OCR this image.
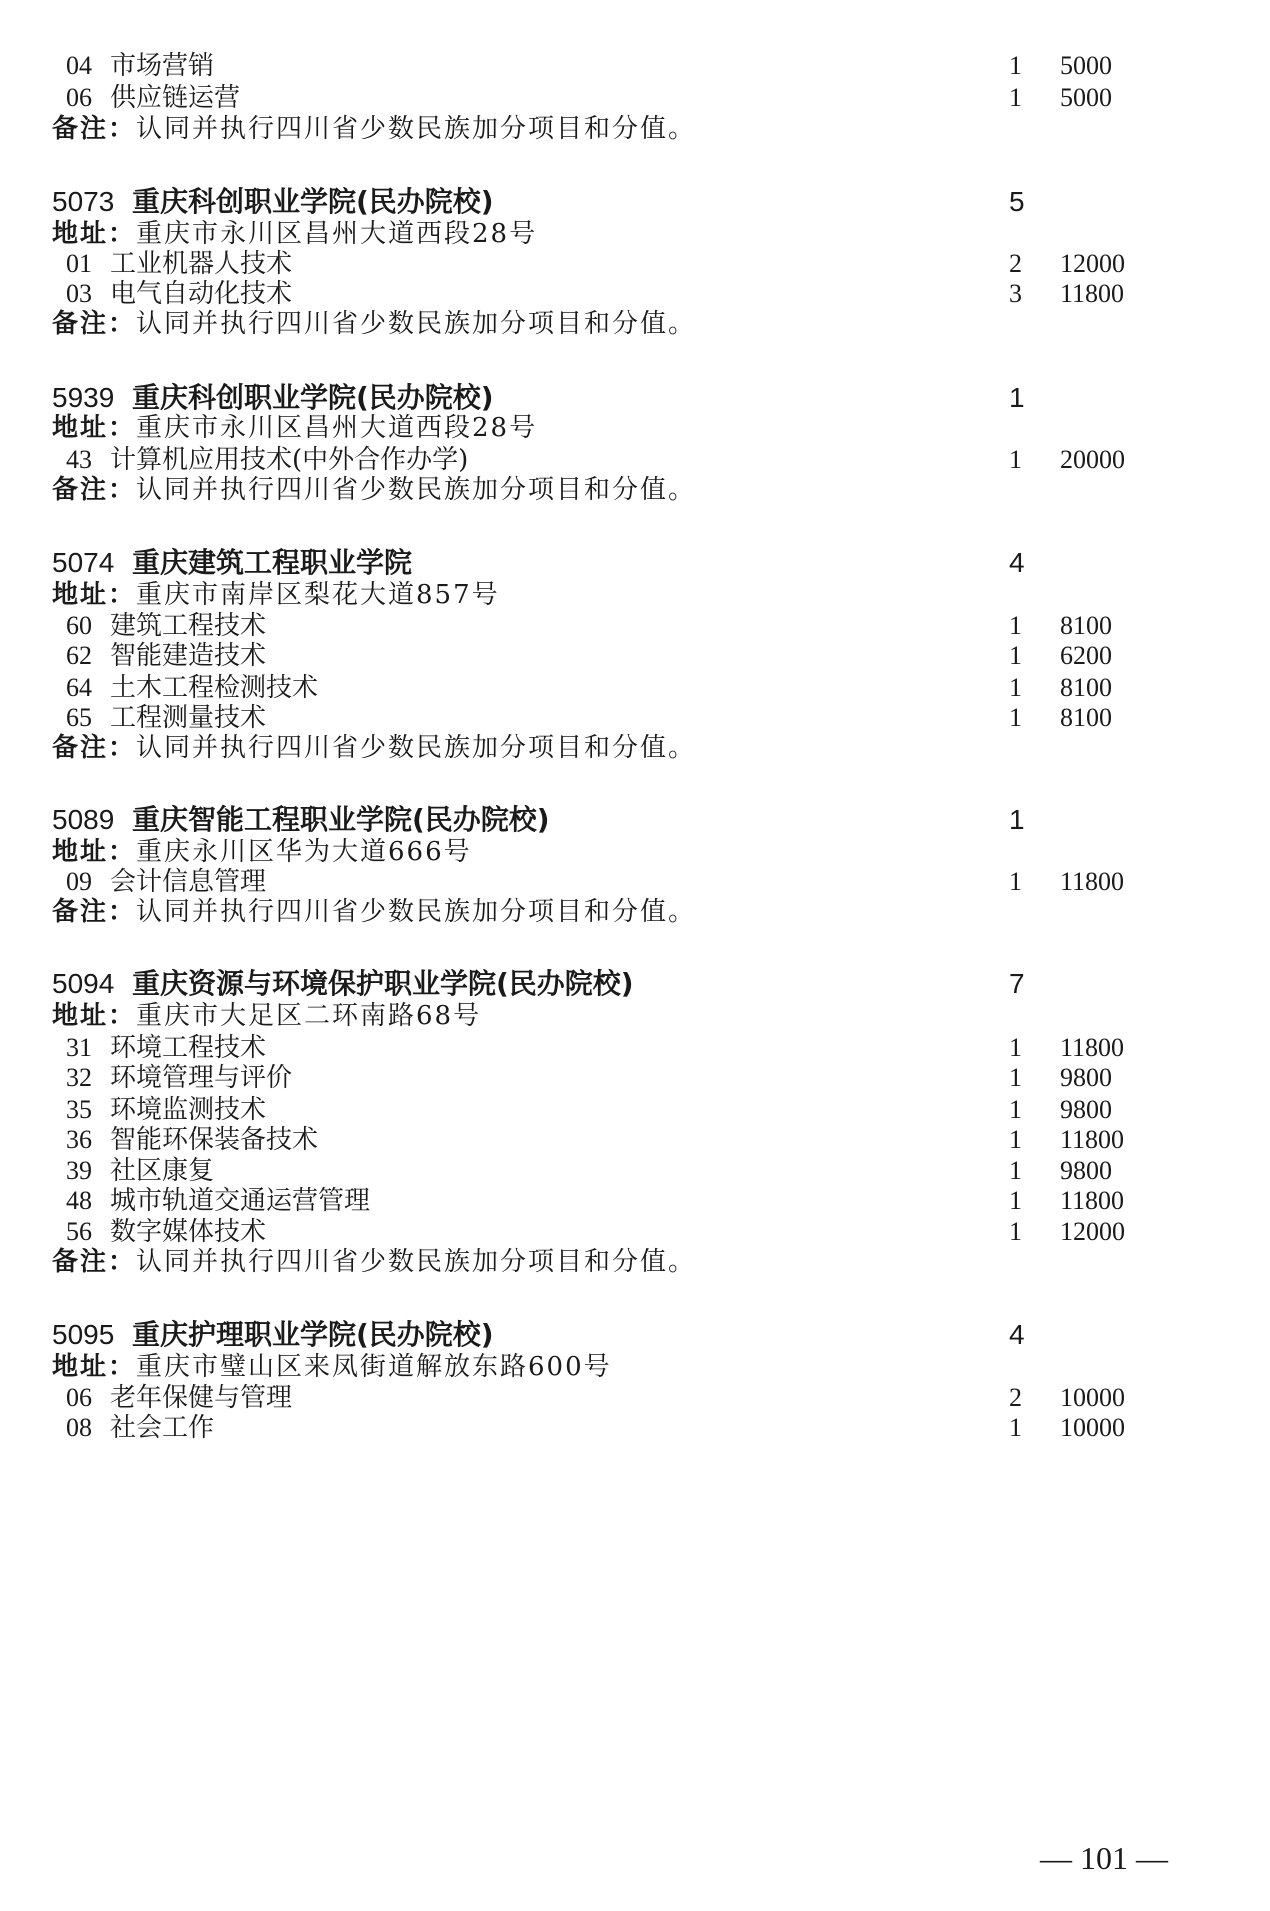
04 市场营销	1 5000
06 供应链运营	1 5000
备注：认同并执行四川省少数民族加分项目和分值。
5073 重庆科创职业学院(民办院校)	5
地址：重庆市永川区昌州大道西段28号
01 工业机器人技术	2 12000
03 电气自动化技术	3 11800
备注：认同并执行四川省少数民族加分项目和分值。
5939 重庆科创职业学院(民办院校)	1
地址：重庆市永川区昌州大道西段28号
43 计算机应用技术(中外合作办学)	1 20000
备注：认同并执行四川省少数民族加分项目和分值。
5074 重庆建筑工程职业学院	4
地址：重庆市南岸区梨花大道857号
60 建筑工程技术	1 8100
62 智能建造技术	1 6200
64 土木工程检测技术	1 8100
65 工程测量技术	1 8100
备注：认同并执行四川省少数民族加分项目和分值。
5089 重庆智能工程职业学院(民办院校)	1
地址：重庆永川区华为大道666号
09 会计信息管理	1 11800
备注：认同并执行四川省少数民族加分项目和分值。
5094 重庆资源与环境保护职业学院(民办院校)	7
地址：重庆市大足区二环南路68号
31 环境工程技术	1 11800
32 环境管理与评价	1 9800
35 环境监测技术	1 9800
36 智能环保装备技术	1 11800
39 社区康复	1 9800
48 城市轨道交通运营管理	1 11800
56 数字媒体技术	1 12000
备注：认同并执行四川省少数民族加分项目和分值。
5095 重庆护理职业学院(民办院校)	4
地址：重庆市璧山区来凤街道解放东路600号
06 老年保健与管理	2 10000
08 社会工作	1 10000
— 101 —
